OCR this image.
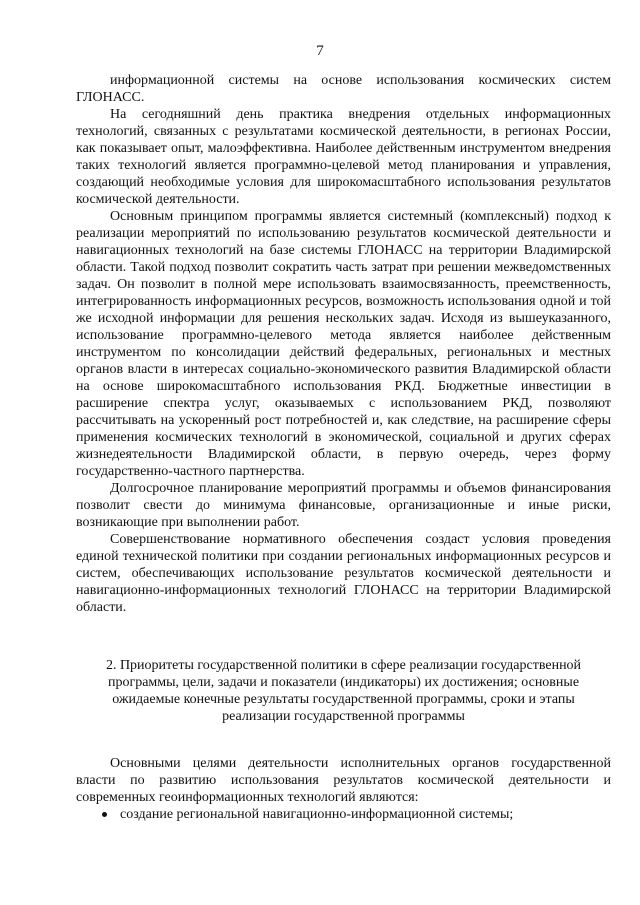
7

информационной системы на основе использования космических систем ГЛОНАСС.

На сегодняшний день практика внедрения отдельных информационных технологий, связанных с результатами космической деятельности, в регионах России, как показывает опыт, малоэффективна. Наиболее действенным инструментом внедрения таких технологий является программно-целевой метод планирования и управления, создающий необходимые условия для широкомасштабного использования результатов космической деятельности.

Основным принципом программы является системный (комплексный) подход к реализации мероприятий по использованию результатов космической деятельности и навигационных технологий на базе системы ГЛОНАСС на территории Владимирской области. Такой подход позволит сократить часть затрат при решении межведомственных задач. Он позволит в полной мере использовать взаимосвязанность, преемственность, интегрированность информационных ресурсов, возможность использования одной и той же исходной информации для решения нескольких задач. Исходя из вышеуказанного, использование программно-целевого метода является наиболее действенным инструментом по консолидации действий федеральных, региональных и местных органов власти в интересах социально-экономического развития Владимирской области на основе широкомасштабного использования РКД. Бюджетные инвестиции в расширение спектра услуг, оказываемых с использованием РКД, позволяют рассчитывать на ускоренный рост потребностей и, как следствие, на расширение сферы применения космических технологий в экономической, социальной и других сферах жизнедеятельности Владимирской области, в первую очередь, через форму государственно-частного партнерства.

Долгосрочное планирование мероприятий программы и объемов финансирования позволит свести до минимума финансовые, организационные и иные риски, возникающие при выполнении работ.

Совершенствование нормативного обеспечения создаст условия проведения единой технической политики при создании региональных информационных ресурсов и систем, обеспечивающих использование результатов космической деятельности и навигационно-информационных технологий ГЛОНАСС на территории Владимирской области.

2. Приоритеты государственной политики в сфере реализации государственной программы, цели, задачи и показатели (индикаторы) их достижения; основные ожидаемые конечные результаты государственной программы, сроки и этапы реализации государственной программы

Основными целями деятельности исполнительных органов государственной власти по развитию использования результатов космической деятельности и современных геоинформационных технологий являются:

создание региональной навигационно-информационной системы;
